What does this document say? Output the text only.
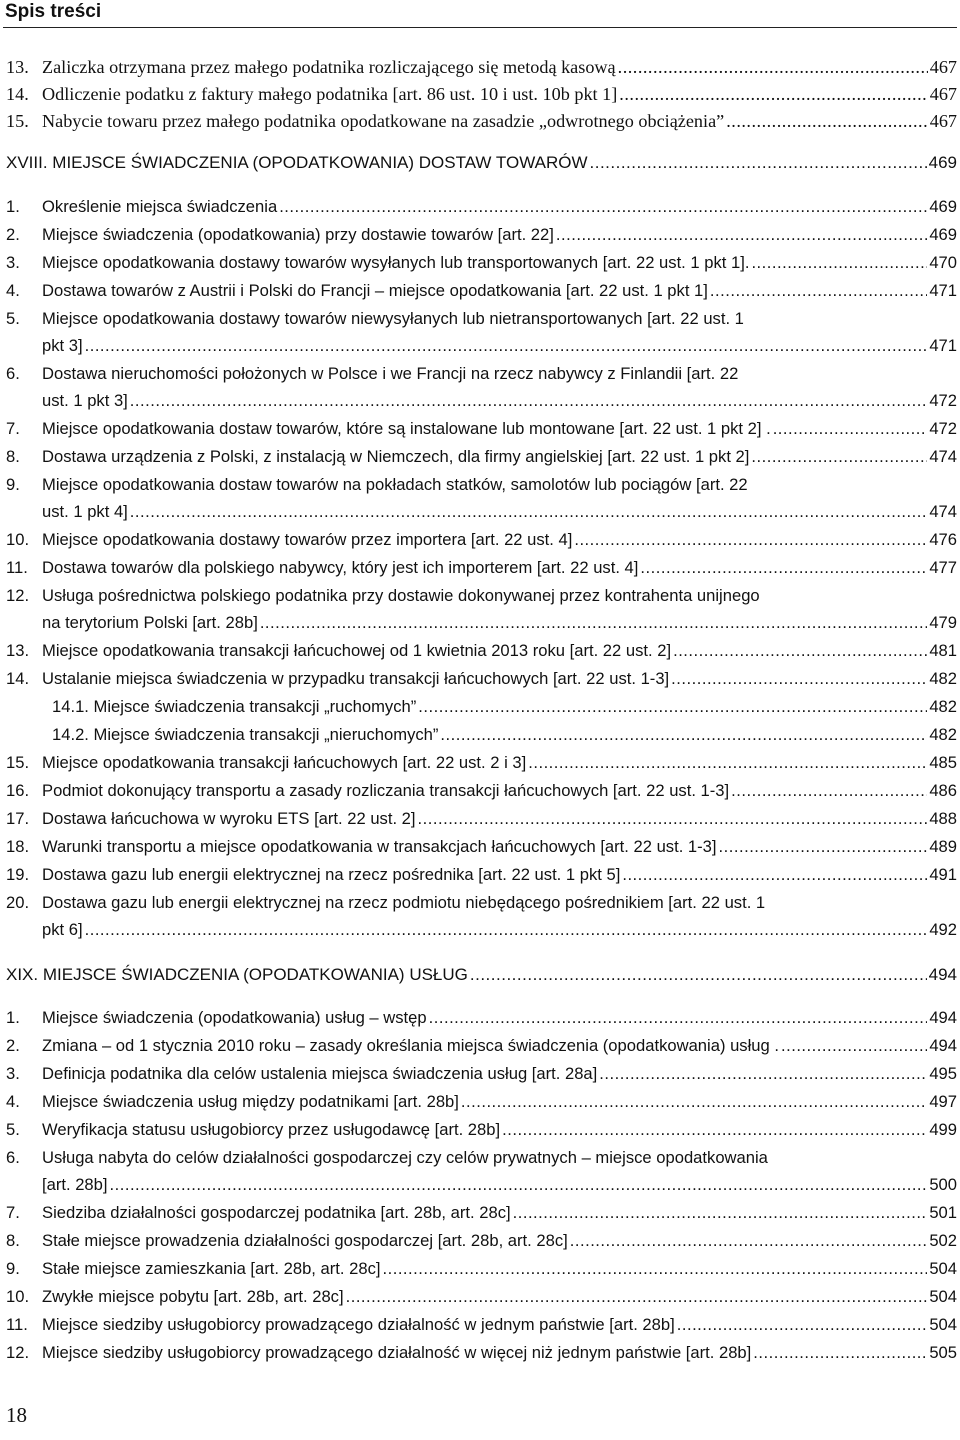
Spis treści
13. Zaliczka otrzymana przez małego podatnika rozliczającego się metodą kasową .....	467
14. Odliczenie podatku z faktury małego podatnika [art. 86 ust. 10 i ust. 10b pkt 1] .....	467
15. Nabycie towaru przez małego podatnika opodatkowane na zasadzie „odwrotnego obciążenia” .....	467
XVIII. MIEJSCE ŚWIADCZENIA (OPODATKOWANIA) DOSTAW TOWARÓW .....	469
1. Określenie miejsca świadczenia .....	469
2. Miejsce świadczenia (opodatkowania) przy dostawie towarów [art. 22] .....	469
3. Miejsce opodatkowania dostawy towarów wysyłanych lub transportowanych [art. 22 ust. 1 pkt 1]. .....	470
4. Dostawa towarów z Austrii i Polski do Francji – miejsce opodatkowania [art. 22 ust. 1 pkt 1] .....	471
5. Miejsce opodatkowania dostawy towarów niewysyłanych lub nietransportowanych [art. 22 ust. 1
pkt 3] .....	471
6. Dostawa nieruchomości położonych w Polsce i we Francji na rzecz nabywcy z Finlandii [art. 22
ust. 1 pkt 3] .....	472
7. Miejsce opodatkowania dostaw towarów, które są instalowane lub montowane [art. 22 ust. 1 pkt 2] . .....	472
8. Dostawa urządzenia z Polski, z instalacją w Niemczech, dla firmy angielskiej [art. 22 ust. 1 pkt 2] .....	474
9. Miejsce opodatkowania dostaw towarów na pokładach statków, samolotów lub pociągów [art. 22
ust. 1 pkt 4] .....	474
10. Miejsce opodatkowania dostawy towarów przez importera [art. 22 ust. 4] .....	476
11. Dostawa towarów dla polskiego nabywcy, który jest ich importerem [art. 22 ust. 4] .....	477
12. Usługa pośrednictwa polskiego podatnika przy dostawie dokonywanej przez kontrahenta unijnego
na terytorium Polski [art. 28b] .....	479
13. Miejsce opodatkowania transakcji łańcuchowej od 1 kwietnia 2013 roku [art. 22 ust. 2] .....	481
14. Ustalanie miejsca świadczenia w przypadku transakcji łańcuchowych [art. 22 ust. 1-3] .....	482
14.1. Miejsce świadczenia transakcji „ruchomych” .....	482
14.2. Miejsce świadczenia transakcji „nieruchomych” .....	482
15. Miejsce opodatkowania transakcji łańcuchowych [art. 22 ust. 2 i 3] .....	485
16. Podmiot dokonujący transportu a zasady rozliczania transakcji łańcuchowych [art. 22 ust. 1-3] .....	486
17. Dostawa łańcuchowa w wyroku ETS [art. 22 ust. 2] .....	488
18. Warunki transportu a miejsce opodatkowania w transakcjach łańcuchowych [art. 22 ust. 1-3] .....	489
19. Dostawa gazu lub energii elektrycznej na rzecz pośrednika [art. 22 ust. 1 pkt 5] .....	491
20. Dostawa gazu lub energii elektrycznej na rzecz podmiotu niebędącego pośrednikiem [art. 22 ust. 1
pkt 6] .....	492
XIX. MIEJSCE ŚWIADCZENIA (OPODATKOWANIA) USŁUG .....	494
1. Miejsce świadczenia (opodatkowania) usług – wstęp .....	494
2. Zmiana – od 1 stycznia 2010 roku – zasady określania miejsca świadczenia (opodatkowania) usług . .....	494
3. Definicja podatnika dla celów ustalenia miejsca świadczenia usług [art. 28a] .....	495
4. Miejsce świadczenia usług między podatnikami [art. 28b] .....	497
5. Weryfikacja statusu usługobiorcy przez usługodawcę [art. 28b] .....	499
6. Usługa nabyta do celów działalności gospodarczej czy celów prywatnych – miejsce opodatkowania
[art. 28b] .....	500
7. Siedziba działalności gospodarczej podatnika [art. 28b, art. 28c] .....	501
8. Stałe miejsce prowadzenia działalności gospodarczej [art. 28b, art. 28c] .....	502
9. Stałe miejsce zamieszkania [art. 28b, art. 28c] .....	504
10. Zwykłe miejsce pobytu [art. 28b, art. 28c] .....	504
11. Miejsce siedziby usługobiorcy prowadzącego działalność w jednym państwie [art. 28b] .....	504
12. Miejsce siedziby usługobiorcy prowadzącego działalność w więcej niż jednym państwie [art. 28b] .....	505
18
